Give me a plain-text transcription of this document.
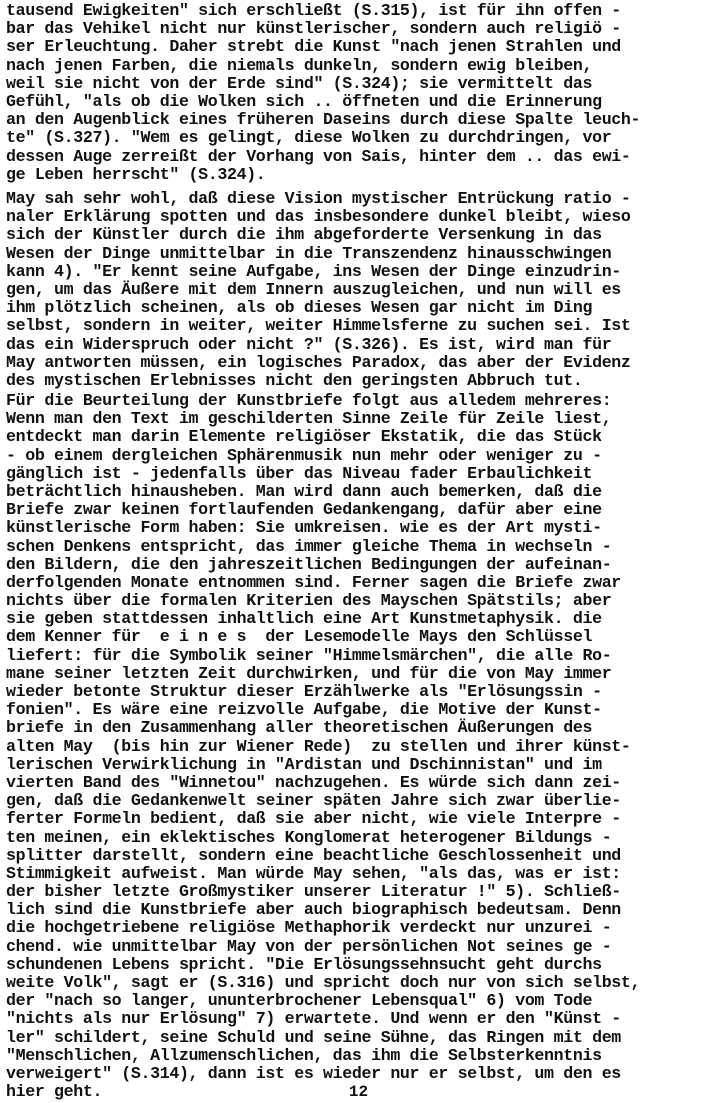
tausend Ewigkeiten" sich erschließt (S.315), ist für ihn offen -
bar das Vehikel nicht nur künstlerischer, sondern auch religiö -
ser Erleuchtung. Daher strebt die Kunst "nach jenen Strahlen und
nach jenen Farben, die niemals dunkeln, sondern ewig bleiben,
weil sie nicht von der Erde sind" (S.324); sie vermittelt das
Gefühl, "als ob die Wolken sich .. öffneten und die Erinnerung
an den Augenblick eines früheren Daseins durch diese Spalte leuch-
te" (S.327). "Wem es gelingt, diese Wolken zu durchdringen, vor
dessen Auge zerreißt der Vorhang von Sais, hinter dem .. das ewi-
ge Leben herrscht" (S.324).
May sah sehr wohl, daß diese Vision mystischer Entrückung ratio -
naler Erklärung spotten und das insbesondere dunkel bleibt, wieso
sich der Künstler durch die ihm abgeforderte Versenkung in das
Wesen der Dinge unmittelbar in die Transzendenz hinausschwingen
kann 4). "Er kennt seine Aufgabe, ins Wesen der Dinge einzudrin-
gen, um das Äußere mit dem Innern auszugleichen, und nun will es
ihm plötzlich scheinen, als ob dieses Wesen gar nicht im Ding
selbst, sondern in weiter, weiter Himmelsferne zu suchen sei. Ist
das ein Widerspruch oder nicht ?" (S.326). Es ist, wird man für
May antworten müssen, ein logisches Paradox, das aber der Evidenz
des mystischen Erlebnisses nicht den geringsten Abbruch tut.
Für die Beurteilung der Kunstbriefe folgt aus alledem mehreres:
Wenn man den Text im geschilderten Sinne Zeile für Zeile liest,
entdeckt man darin Elemente religiöser Ekstatik, die das Stück
- ob einem dergleichen Sphärenmusik nun mehr oder weniger zu -
gänglich ist - jedenfalls über das Niveau fader Erbaulichkeit
beträchtlich hinausheben. Man wird dann auch bemerken, daß die
Briefe zwar keinen fortlaufenden Gedankengang, dafür aber eine
künstlerische Form haben: Sie umkreisen. wie es der Art mysti-
schen Denkens entspricht, das immer gleiche Thema in wechseln -
den Bildern, die den jahreszeitlichen Bedingungen der aufeinan-
derfolgenden Monate entnommen sind. Ferner sagen die Briefe zwar
nichts über die formalen Kriterien des Mayschen Spätstils; aber
sie geben stattdessen inhaltlich eine Art Kunstmetaphysik. die
dem Kenner für  e i n e s  der Lesemodelle Mays den Schlüssel
liefert: für die Symbolik seiner "Himmelsmärchen", die alle Ro-
mane seiner letzten Zeit durchwirken, und für die von May immer
wieder betonte Struktur dieser Erzählwerke als "Erlösungssin -
fonien". Es wäre eine reizvolle Aufgabe, die Motive der Kunst-
briefe in den Zusammenhang aller theoretischen Äußerungen des
alten May  (bis hin zur Wiener Rede)  zu stellen und ihrer künst-
lerischen Verwirklichung in "Ardistan und Dschinnistan" und im
vierten Band des "Winnetou" nachzugehen. Es würde sich dann zei-
gen, daß die Gedankenwelt seiner späten Jahre sich zwar überlie-
ferter Formeln bedient, daß sie aber nicht, wie viele Interpre -
ten meinen, ein eklektisches Konglomerat heterogener Bildungs -
splitter darstellt, sondern eine beachtliche Geschlossenheit und
Stimmigkeit aufweist. Man würde May sehen, "als das, was er ist:
der bisher letzte Großmystiker unserer Literatur !" 5). Schließ-
lich sind die Kunstbriefe aber auch biographisch bedeutsam. Denn
die hochgetriebene religiöse Methaphorik verdeckt nur unzurei -
chend. wie unmittelbar May von der persönlichen Not seines ge -
schundenen Lebens spricht. "Die Erlösungssehnsucht geht durchs
weite Volk", sagt er (S.316) und spricht doch nur von sich selbst,
der "nach so langer, ununterbrochener Lebensqual" 6) vom Tode
"nichts als nur Erlösung" 7) erwartete. Und wenn er den "Künst -
ler" schildert, seine Schuld und seine Sühne, das Ringen mit dem
"Menschlichen, Allzumenschlichen, das ihm die Selbsterkenntnis
verweigert" (S.314), dann ist es wieder nur er selbst, um den es
hier geht.	12
